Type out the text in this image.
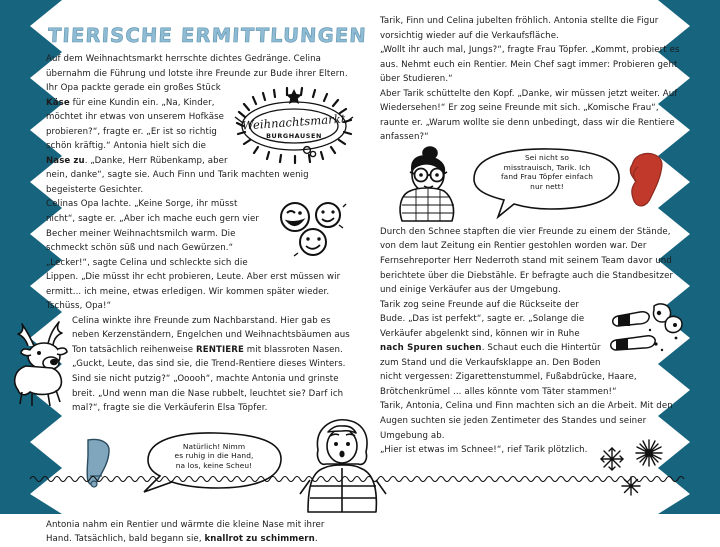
TIERISCHE ERMITTLUNGEN

Auf dem Weihnachtsmarkt herrschte dichtes Gedränge. Celina übernahm die Führung und lotste ihre Freunde zur Bude ihrer Eltern.

Weihnachtsmarkt
BURGHAUSEN

Ihr Opa packte gerade ein großes Stück Käse für eine Kundin ein. „Na, Kinder, möchtet ihr etwas von unserem Hofkäse probieren?“, fragte er. „Er ist so richtig schön kräftig.“ Antonia hielt sich die Nase zu. „Danke, Herr Rübenkamp, aber nein, danke“, sagte sie. Auch Finn und Tarik machten wenig begeisterte Gesichter.

Celinas Opa lachte. „Keine Sorge, ihr müsst nicht“, sagte er. „Aber ich mache euch gern vier Becher meiner Weihnachtsmilch warm. Die schmeckt schön süß und nach Gewürzen.“

„Lecker!“, sagte Celina und schleckte sich die Lippen. „Die müsst ihr echt probieren, Leute. Aber erst müssen wir ermitt... ich meine, etwas erledigen. Wir kommen später wieder. Tschüss, Opa!“

Celina winkte ihre Freunde zum Nachbarstand. Hier gab es neben Kerzenständern, Engelchen und Weihnachtsbäumen aus Ton tatsächlich reihenweise RENTIERE mit blassroten Nasen. „Guckt, Leute, das sind sie, die Trend-Rentiere dieses Winters. Sind sie nicht putzig?“ „Ooooh“, machte Antonia und grinste breit. „Und wenn man die Nase rubbelt, leuchtet sie? Darf ich mal?“, fragte sie die Verkäuferin Elsa Töpfer.

Natürlich! Nimm
es ruhig in die Hand,
na los, keine Scheu!

Antonia nahm ein Rentier und wärmte die kleine Nase mit ihrer Hand. Tatsächlich, bald begann sie, knallrot zu schimmern.

Tarik, Finn und Celina jubelten fröhlich. Antonia stellte die Figur vorsichtig wieder auf die Verkaufsfläche.

„Wollt ihr auch mal, Jungs?“, fragte Frau Töpfer. „Kommt, probiert es aus. Nehmt euch ein Rentier. Mein Chef sagt immer: Probieren geht über Studieren.“

Aber Tarik schüttelte den Kopf. „Danke, wir müssen jetzt weiter. Auf Wiedersehen!“ Er zog seine Freunde mit sich. „Komische Frau“, raunte er. „Warum wollte sie denn unbedingt, dass wir die Rentiere anfassen?“

Sei nicht so
misstrauisch, Tarik. Ich
fand Frau Töpfer einfach
nur nett!

Durch den Schnee stapften die vier Freunde zu einem der Stände, von dem laut Zeitung ein Rentier gestohlen worden war. Der Fernsehreporter Herr Nederroth stand mit seinem Team davor und berichtete über die Diebstähle. Er befragte auch die Standbesitzer und einige Verkäufer aus der Umgebung.

Tarik zog seine Freunde auf die Rückseite der Bude. „Das ist perfekt“, sagte er. „Solange die Verkäufer abgelenkt sind, können wir in Ruhe nach Spuren suchen. Schaut euch die Hintertür zum Stand und die Verkaufsklappe an. Den Boden nicht vergessen: Zigarettenstummel, Fußabdrücke, Haare, Brötchenkrümel ... alles könnte vom Täter stammen!“

Tarik, Antonia, Celina und Finn machten sich an die Arbeit. Mit den Augen suchten sie jeden Zentimeter des Standes und seiner Umgebung ab.

„Hier ist etwas im Schnee!“, rief Tarik plötzlich.
